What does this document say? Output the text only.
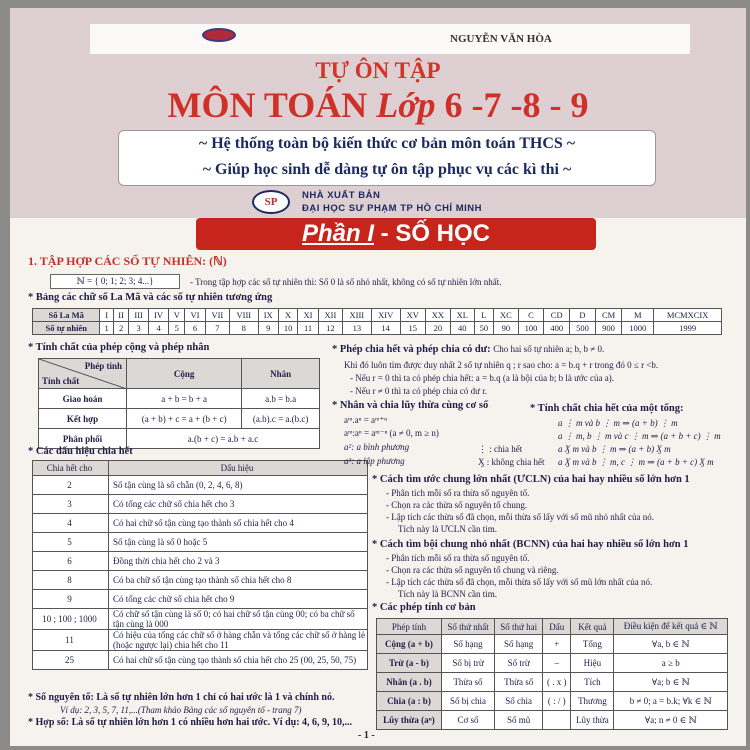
NGUYỄN VĂN HÒA
TỰ ÔN TẬP
MÔN TOÁN Lớp 6 -7 -8 - 9
~ Hệ thống toàn bộ kiến thức cơ bản môn toán THCS ~
~ Giúp học sinh dễ dàng tự ôn tập phục vụ các kì thi ~
SP
NHÀ XUẤT BẢN
ĐẠI HỌC SƯ PHẠM TP HỒ CHÍ MINH
Phần I - SỐ HỌC
1. TẬP HỢP CÁC SỐ TỰ NHIÊN: (ℕ)
ℕ = { 0; 1; 2; 3; 4...}	- Trong tập hợp các số tự nhiên thì: Số 0 là số nhỏ nhất, không có số tự nhiên lớn nhất.
* Bảng các chữ số La Mã và các số tự nhiên tương ứng
Số La Mã	I	II	III	IV	V	VI	VII	VIII	IX	X	XI	XII	XIII	XIV	XV	XX	XL	L	XC	C	CD	D	CM	M	MCMXCIX
Số tự nhiên	1	2	3	4	5	6	7	8	9	10	11	12	13	14	15	20	40	50	90	100	400	500	900	1000	1999
* Tính chất của phép cộng và phép nhân
Phép tính
Tính chất	Cộng	Nhân
Giao hoán	a + b = b + a	a.b = b.a
Kết hợp	(a + b) + c = a + (b + c)	(a.b).c = a.(b.c)
Phân phối	a.(b + c) = a.b + a.c	
* Các dấu hiệu chia hết
Chia hết cho	Dấu hiệu
2	Số tận cùng là số chẵn (0, 2, 4, 6, 8)
3	Có tổng các chữ số chia hết cho 3
4	Có hai chữ số tận cùng tạo thành số chia hết cho 4
5	Số tận cùng là số 0 hoặc 5
6	Đồng thời chia hết cho 2 và 3
8	Có ba chữ số tận cùng tạo thành số chia hết cho 8
9	Có tổng các chữ số chia hết cho 9
10 ; 100 ; 1000	Có chữ số tận cùng là số 0; có hai chữ số tận cùng 00; có ba chữ số tận cùng là 000
11	Có hiệu của tổng các chữ số ở hàng chẵn và tổng các chữ số ở hàng lẻ (hoặc ngược lại) chia hết cho 11
25	Có hai chữ số tận cùng tạo thành số chia hết cho 25 (00, 25, 50, 75)
* Số nguyên tố: Là số tự nhiên lớn hơn 1 chỉ có hai ước là 1 và chính nó.
Ví dụ: 2, 3, 5, 7, 11,...(Tham khảo Bảng các số nguyên tố - trang 7)
* Hợp số: Là số tự nhiên lớn hơn 1 có nhiều hơn hai ước. Ví dụ: 4, 6, 9, 10,...
* Phép chia hết và phép chia có dư: Cho hai số tự nhiên a; b, b ≠ 0.
Khi đó luôn tìm được duy nhất 2 số tự nhiên q ; r sao cho: a = b.q + r trong đó 0 ≤ r <b.
- Nếu r = 0 thì ta có phép chia hết: a = b.q (a là bội của b; b là ước của a).
- Nếu r ≠ 0 thì ta có phép chia có dư r.
* Nhân và chia lũy thừa cùng cơ số
aᵐ.aⁿ = aᵐ⁺ⁿ
aᵐ:aⁿ = aᵐ⁻ⁿ (a ≠ 0, m ≥ n)
a²: a bình phương
a³: a lập phương
⋮ : chia hết
Ӽ : không chia hết
* Tính chất chia hết của một tổng:
a ⋮ m và b ⋮ m ⇒ (a + b) ⋮ m
a ⋮ m, b ⋮ m và c ⋮ m ⇒ (a + b + c) ⋮ m
a Ӽ m và b ⋮ m ⇒ (a + b) Ӽ m
a Ӽ m và b ⋮ m, c ⋮ m ⇒ (a + b + c) Ӽ m
* Cách tìm ước chung lớn nhất (ƯCLN) của hai hay nhiều số lớn hơn 1
- Phân tích mỗi số ra thừa số nguyên tố.
- Chọn ra các thừa số nguyên tố chung.
- Lập tích các thừa số đã chọn, mỗi thừa số lấy với số mũ nhỏ nhất của nó.
Tích này là ƯCLN cần tìm.
* Cách tìm bội chung nhỏ nhất (BCNN) của hai hay nhiều số lớn hơn 1
- Phân tích mỗi số ra thừa số nguyên tố.
- Chọn ra các thừa số nguyên tố chung và riêng.
- Lập tích các thừa số đã chọn, mỗi thừa số lấy với số mũ lớn nhất của nó.
Tích này là BCNN cần tìm.
* Các phép tính cơ bản
Phép tính	Số thứ nhất	Số thứ hai	Dấu	Kết quả	Điều kiện để kết quả ∈ ℕ
Cộng (a + b)	Số hạng	Số hạng	+	Tổng	∀a, b ∈ ℕ
Trừ (a - b)	Số bị trừ	Số trừ	–	Hiệu	a ≥ b
Nhân (a . b)	Thừa số	Thừa số	( . x )	Tích	∀a; b ∈ ℕ
Chia (a : b)	Số bị chia	Số chia	( : / )	Thương	b ≠ 0; a = b.k; ∀k ∈ ℕ
Lũy thừa (aⁿ)	Cơ số	Số mũ		Lũy thừa	∀a; n ≠ 0 ∈ ℕ
- 1 -
